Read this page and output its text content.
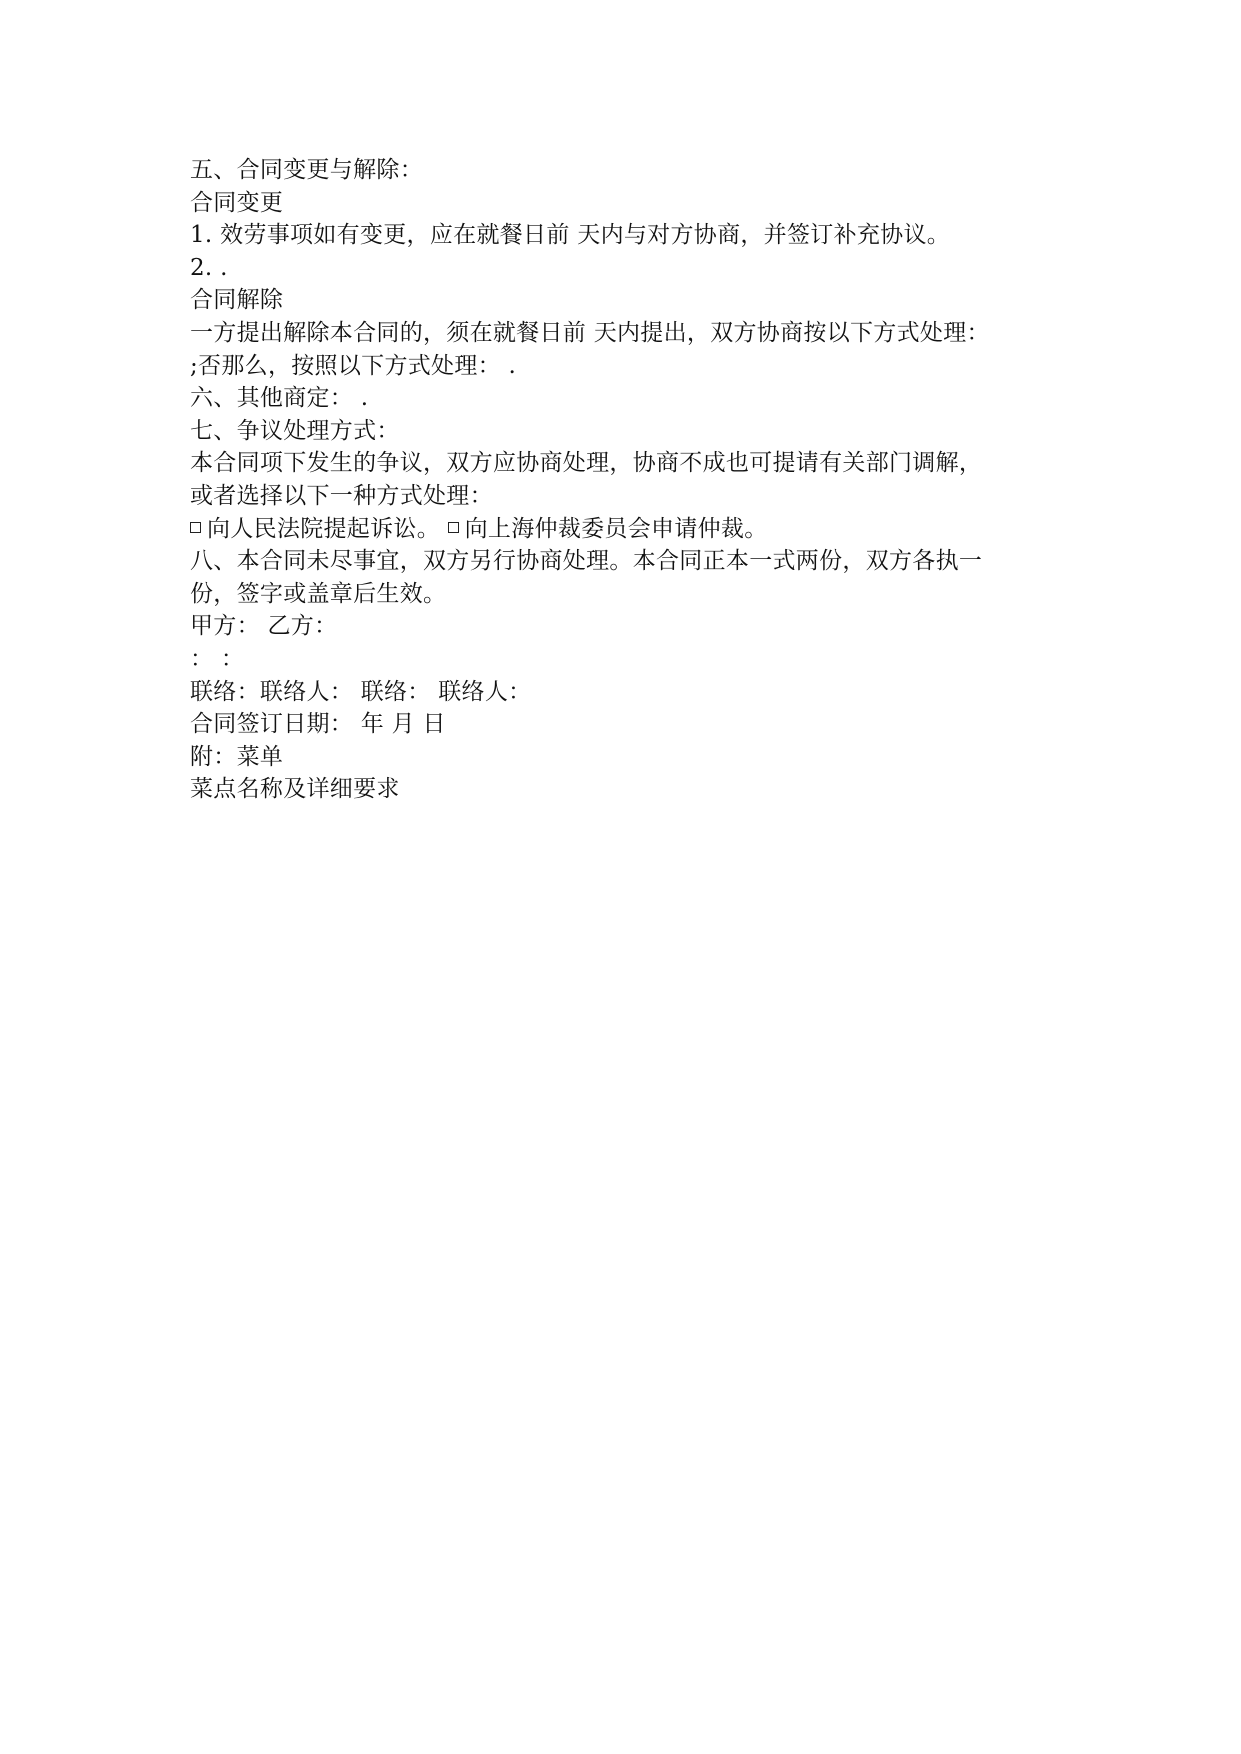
五、合同变更与解除：
合同变更
1. 效劳事项如有变更，应在就餐日前 天内与对方协商，并签订补充协议。
2. .
合同解除
一方提出解除本合同的，须在就餐日前 天内提出，双方协商按以下方式处理：
;否那么，按照以下方式处理： .
六、其他商定： .
七、争议处理方式：
本合同项下发生的争议，双方应协商处理，协商不成也可提请有关部门调解，
或者选择以下一种方式处理：
向人民法院提起诉讼。 向上海仲裁委员会申请仲裁。
八、本合同未尽事宜，双方另行协商处理。本合同正本一式两份，双方各执一
份，签字或盖章后生效。
甲方： 乙方：
： ：
联络：联络人： 联络： 联络人：
合同签订日期： 年 月 日
附：菜单
菜点名称及详细要求
